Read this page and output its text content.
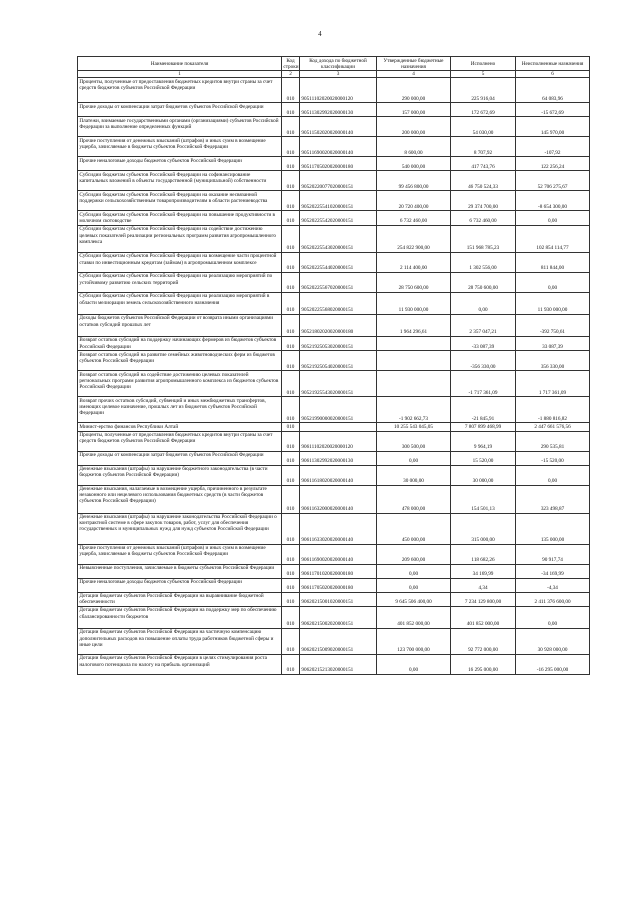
4
Наименование показателя	Код строки	Код дохода по бюджетной классификации	Утвержденные бюджетные назначения	Исполнено	Неисполненные назначения
1	2	3	4	5	6
Проценты, полученные от предоставления бюджетных кредитов внутри страны за счет средств бюджетов субъектов Российской Федерации	010	90511102020020000120	290 000,00	225 916,04	64 083,96
Прочие доходы от компенсации затрат бюджетов субъектов Российской Федерации	010	90511302992020000130	157 000,00	172 672,69	-15 672,69
Платежи, взимаемые государственными органами (организациями) субъектов Российской Федерации за выполнение определенных функций	010	90511502020020000140	200 000,00	54 030,00	145 970,00
Прочие поступления от денежных взысканий (штрафов) и иных сумм в возмещение ущерба, зачисляемые в бюджеты субъектов Российской Федерации	010	90511690020020000140	8 600,00	8 707,92	-107,92
Прочие неналоговые доходы бюджетов субъектов Российской Федерации	010	90511705020020000180	540 000,00	417 743,76	122 256,24
Субсидии бюджетам субъектов Российской Федерации на софинансирование капитальных вложений в объекты государственной (муниципальной) собственности	010	90520220077020000151	99 456 800,00	46 750 524,33	52 706 275,67
Субсидии бюджетам субъектов Российской Федерации на оказание несвязанной поддержки сельскохозяйственным товаропроизводителям в области растениеводства	010	90520225541020000151	20 720 400,00	29 374 700,00	-8 654 300,00
Субсидии бюджетам субъектов Российской Федерации на повышение продуктивности в молочном скотоводстве	010	90520225542020000151	6 732 460,00	6 732 460,00	0,00
Субсидии бюджетам субъектов Российской Федерации на содействие достижению целевых показателей реализации региональных программ развития агропромышленного комплекса	010	90520225543020000151	254 822 900,00	151 968 785,23	102 854 114,77
Субсидии бюджетам субъектов Российской Федерации на возмещение части процентной ставки по инвестиционным кредитам (займам) в агропромышленном комплексе	010	90520225544020000151	2 114 400,00	1 302 556,00	811 844,00
Субсидии бюджетам субъектов Российской Федерации на реализацию мероприятий по устойчивому развитию сельских территорий	010	90520225567020000151	28 750 600,00	28 750 600,00	0,00
Субсидии бюджетам субъектов Российской Федерации на реализацию мероприятий в области мелиорации земель сельскохозяйственного назначения	010	90520225568020000151	11 930 000,00	0,00	11 930 000,00
Доходы бюджетов субъектов Российской Федерации от возврата иными организациями остатков субсидий прошлых лет	010	90521802020020000180	1 964 296,61	2 357 047,21	-392 750,61
Возврат остатков субсидий на поддержку начинающих фермеров из бюджетов субъектов Российской Федерации	010	90521925053020000151		-33 087,39	33 087,39
Возврат остатков субсидий на развитие семейных животноводческих ферм из бюджетов субъектов Российской Федерации	010	90521925054020000151		-356 330,00	356 330,00
Возврат остатков субсидий на содействие достижению целевых показателей региональных программ развития агропромышленного комплекса из бюджетов субъектов Российской Федерации	010	90521925543020000151		-1 717 361,09	1 717 361,09
Возврат прочих остатков субсидий, субвенций и иных межбюджетных трансфертов, имеющих целевое назначение, прошлых лет из бюджетов субъектов Российской Федерации	010	90521990000020000151	-1 902 662,73	-21 845,91	-1 880 816,82
Минист-ерство финансов Республики Алтай	010		10 255 543 045,05	7 807 899 468,99	2 447 661 576,56
Проценты, полученные от предоставления бюджетных кредитов внутри страны за счет средств бюджетов субъектов Российской Федерации	010	90611102020020000120	300 500,00	9 964,19	290 535,81
Прочие доходы от компенсации затрат бюджетов субъектов Российской Федерации	010	90611302992020000130	0,00	15 520,00	-15 520,00
Денежные взыскания (штрафы) за нарушение бюджетного законодательства (в части бюджетов субъектов Российской Федерации)	010	90611618020020000140	30 000,00	30 000,00	0,00
Денежные взыскания, налагаемые в возмещение ущерба, причиненного в результате незаконного или нецелевого использования бюджетных средств (в части бюджетов субъектов Российской Федерации)	010	90611632000020000140	478 000,00	154 501,13	323 498,87
Денежные взыскания (штрафы) за нарушение законодательства Российской Федерации о контрактной системе в сфере закупок товаров, работ, услуг для обеспечения государственных и муниципальных нужд для нужд субъектов Российской Федерации	010	90611633020020000140	450 000,00	315 000,00	135 000,00
Прочие поступления от денежных взысканий (штрафов) и иных сумм в возмещение ущерба, зачисляемые в бюджеты субъектов Российской Федерации	010	90611690020020000140	209 600,00	118 682,26	90 917,74
Невыясненные поступления, зачисляемые в бюджеты субъектов Российской Федерации	010	90611701020020000180	0,00	34 169,99	-34 169,99
Прочие неналоговые доходы бюджетов субъектов Российской Федерации	010	90611705020020000180	0,00	4,34	-4,34
Дотации бюджетам субъектов Российской Федерации на выравнивание бюджетной обеспеченности	010	90620215001020000151	9 645 506 400,00	7 234 129 800,00	2 411 376 600,00
Дотации бюджетам субъектов Российской Федерации на поддержку мер по обеспечению сбалансированности бюджетов	010	90620215002020000151	401 852 000,00	401 852 000,00	0,00
Дотации бюджетам субъектов Российской Федерации на частичную компенсацию дополнительных расходов на повышение оплаты труда работников бюджетной сферы и иные цели	010	90620215009020000151	123 700 000,00	92 772 000,00	30 928 000,00
Дотации бюджетам субъектов Российской Федерации в целях стимулирования роста налогового потенциала по налогу на прибыль организаций	010	90620215213020000151	0,00	16 295 000,00	-16 295 000,00
